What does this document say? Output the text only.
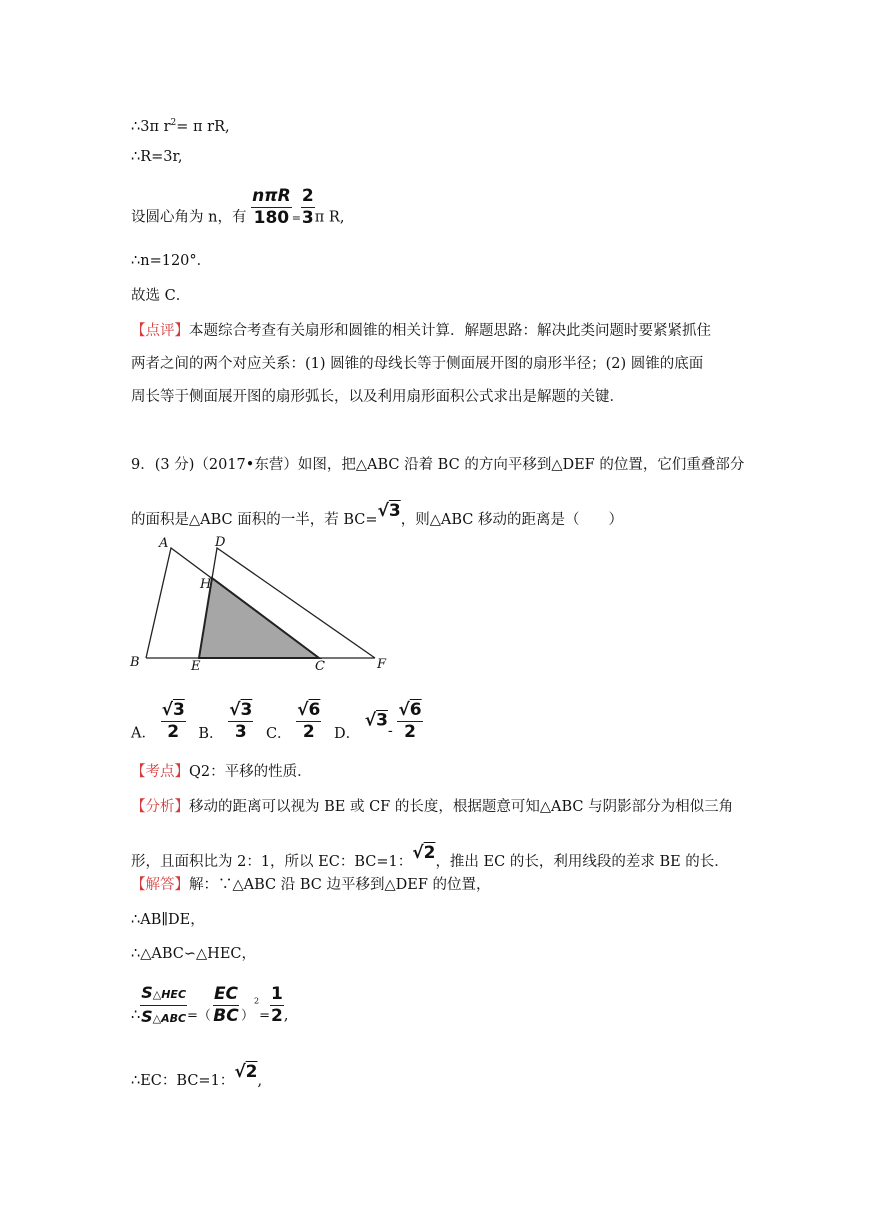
∴3π $r^2= \pi$ rR,
∴R=3r,
设圆心角为 n，有 $\frac{\text{nπR}}{180} _= \frac{2}{3}$ π R,
∴n=120°．
故选 C．
【点评】本题综合考查有关扇形和圆锥的相关计算．解题思路：解决此类问题时要紧紧抓住
两者之间的两个对应关系：(1) 圆锥的母线长等于侧面展开图的扇形半径；(2) 圆锥的底面
周长等于侧面展开图的扇形弧长，以及利用扇形面积公式求出是解题的关键．
9．(3 分)（2017•东营）如图，把△ABC 沿着 BC 的方向平移到△DEF 的位置，它们重叠部分
的面积是△ABC 面积的一半，若 BC=√3，则△ABC 移动的距离是（　　）
A	D
H
B	E	C	F
A． $\frac{√3}{2}$ B． $\frac{√3}{3}$ C． $\frac{√6}{2}$ D． $√3- \frac{√6}{2}$
【考点】Q2：平移的性质．
【分析】移动的距离可以视为 BE 或 CF 的长度，根据题意可知△ABC 与阴影部分为相似三角
形，且面积比为 2：1，所以 EC：BC=1：√2，推出 EC 的长，利用线段的差求 BE 的长．
【解答】解：∵△ABC 沿 BC 边平移到△DEF 的位置，
∴AB∥DE，
∴△ABC∽△HEC，
∴ $\frac{\text{S△HEC}}{\text{S△ABC}}$ =（ $\frac{EC}{BC} )^2= \frac{1}{2}$ ,
∴EC：BC=1：√2,
